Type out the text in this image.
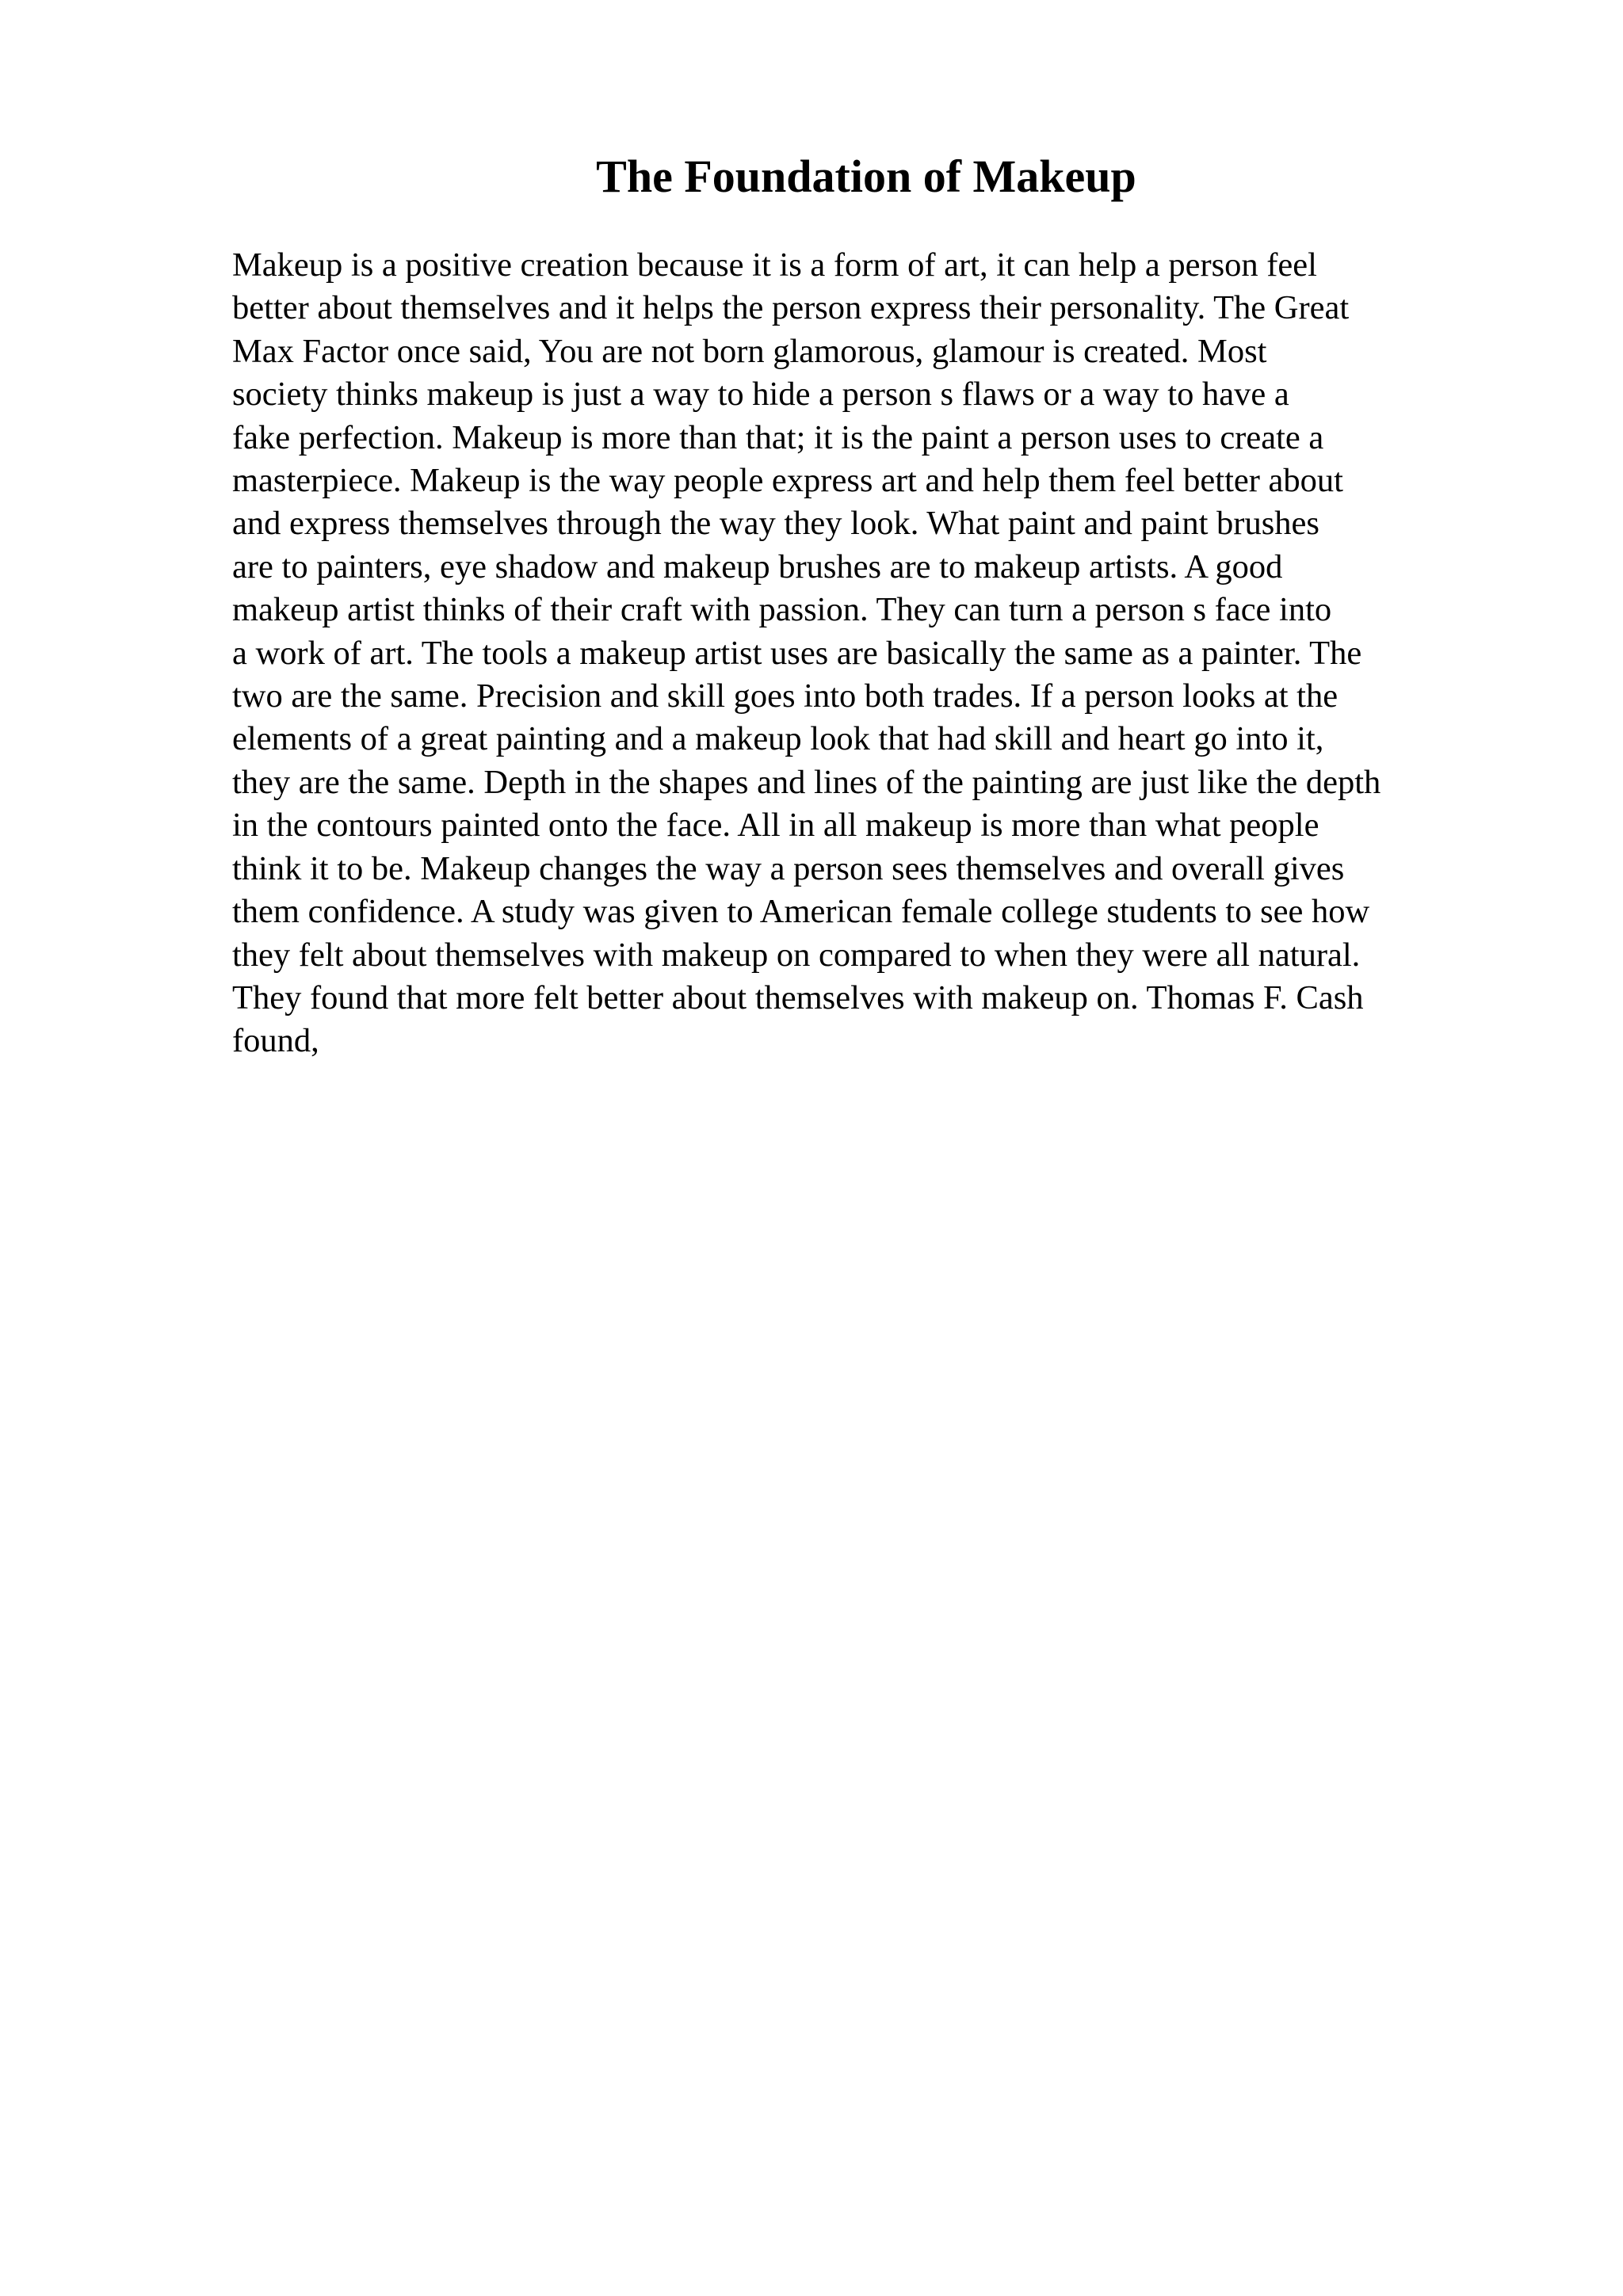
The Foundation of Makeup
Makeup is a positive creation because it is a form of art, it can help a person feel
better about themselves and it helps the person express their personality. The Great
Max Factor once said, You are not born glamorous, glamour is created. Most
society thinks makeup is just a way to hide a person s flaws or a way to have a
fake perfection. Makeup is more than that; it is the paint a person uses to create a
masterpiece. Makeup is the way people express art and help them feel better about
and express themselves through the way they look. What paint and paint brushes
are to painters, eye shadow and makeup brushes are to makeup artists. A good
makeup artist thinks of their craft with passion. They can turn a person s face into
a work of art. The tools a makeup artist uses are basically the same as a painter. The
two are the same. Precision and skill goes into both trades. If a person looks at the
elements of a great painting and a makeup look that had skill and heart go into it,
they are the same. Depth in the shapes and lines of the painting are just like the depth
in the contours painted onto the face. All in all makeup is more than what people
think it to be. Makeup changes the way a person sees themselves and overall gives
them confidence. A study was given to American female college students to see how
they felt about themselves with makeup on compared to when they were all natural.
They found that more felt better about themselves with makeup on. Thomas F. Cash
found,
